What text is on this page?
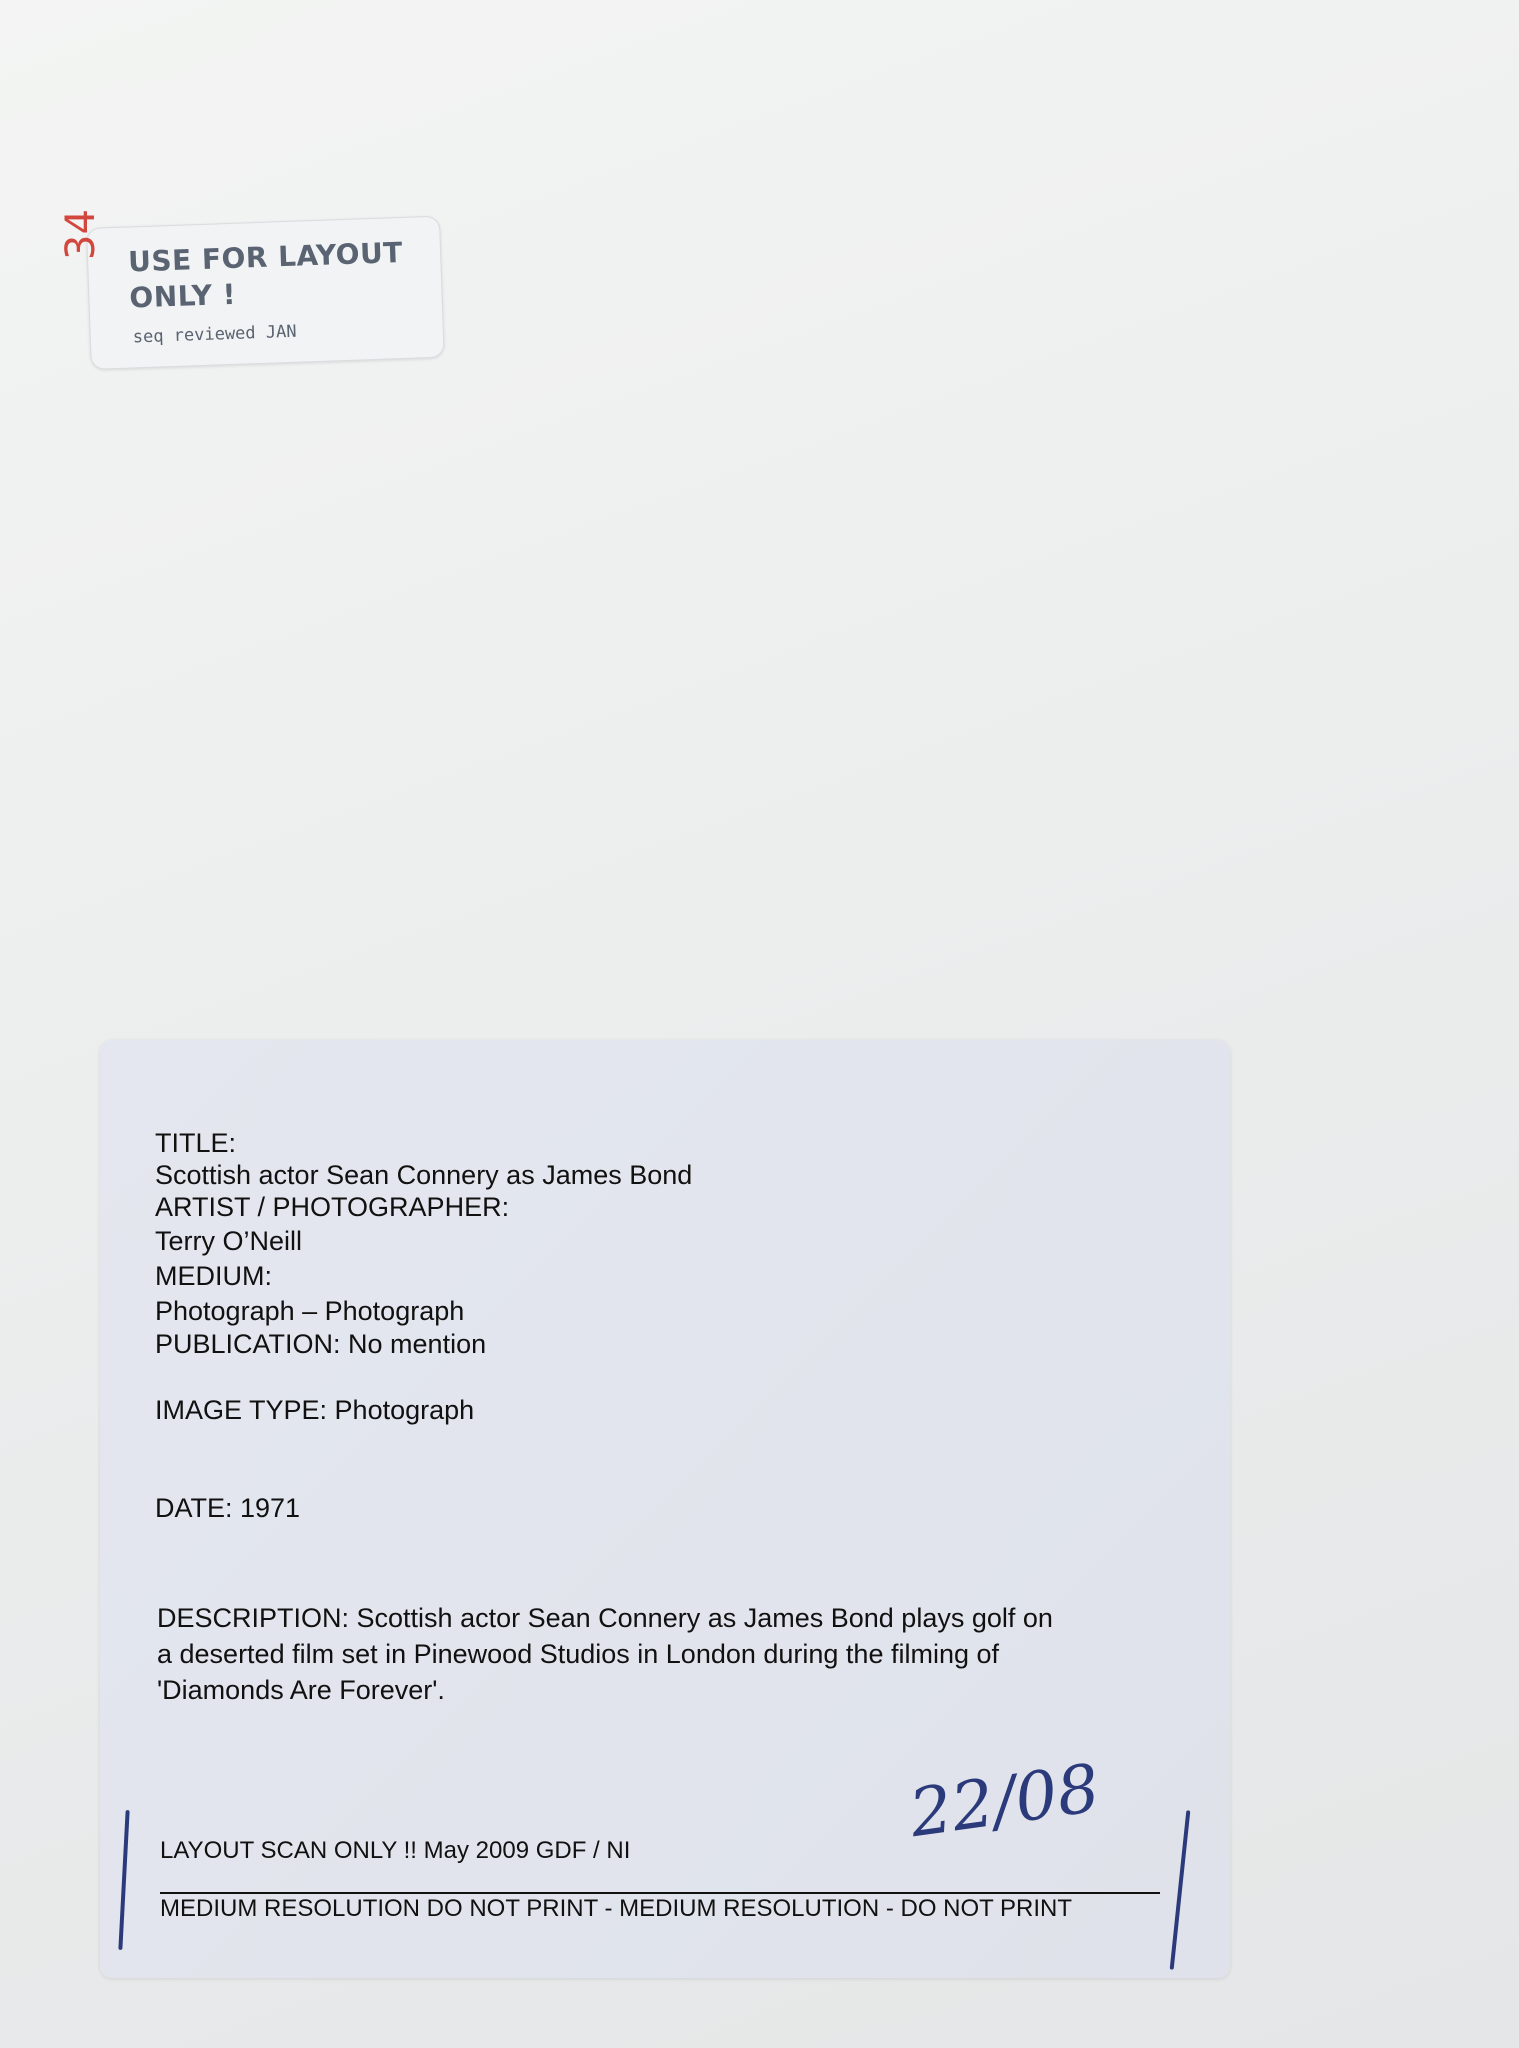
USE FOR LAYOUT
ONLY !
seq reviewed JAN
34
TITLE:
Scottish actor Sean Connery as James Bond
ARTIST / PHOTOGRAPHER:
Terry O’Neill
MEDIUM:
Photograph – Photograph
PUBLICATION: No mention
IMAGE TYPE: Photograph
DATE: 1971
DESCRIPTION: Scottish actor Sean Connery as James Bond plays golf on
a deserted film set in Pinewood Studios in London during the filming of
'Diamonds Are Forever'.
22/08
LAYOUT SCAN ONLY !! May 2009 GDF / NI
MEDIUM RESOLUTION DO NOT PRINT - MEDIUM RESOLUTION - DO NOT PRINT
